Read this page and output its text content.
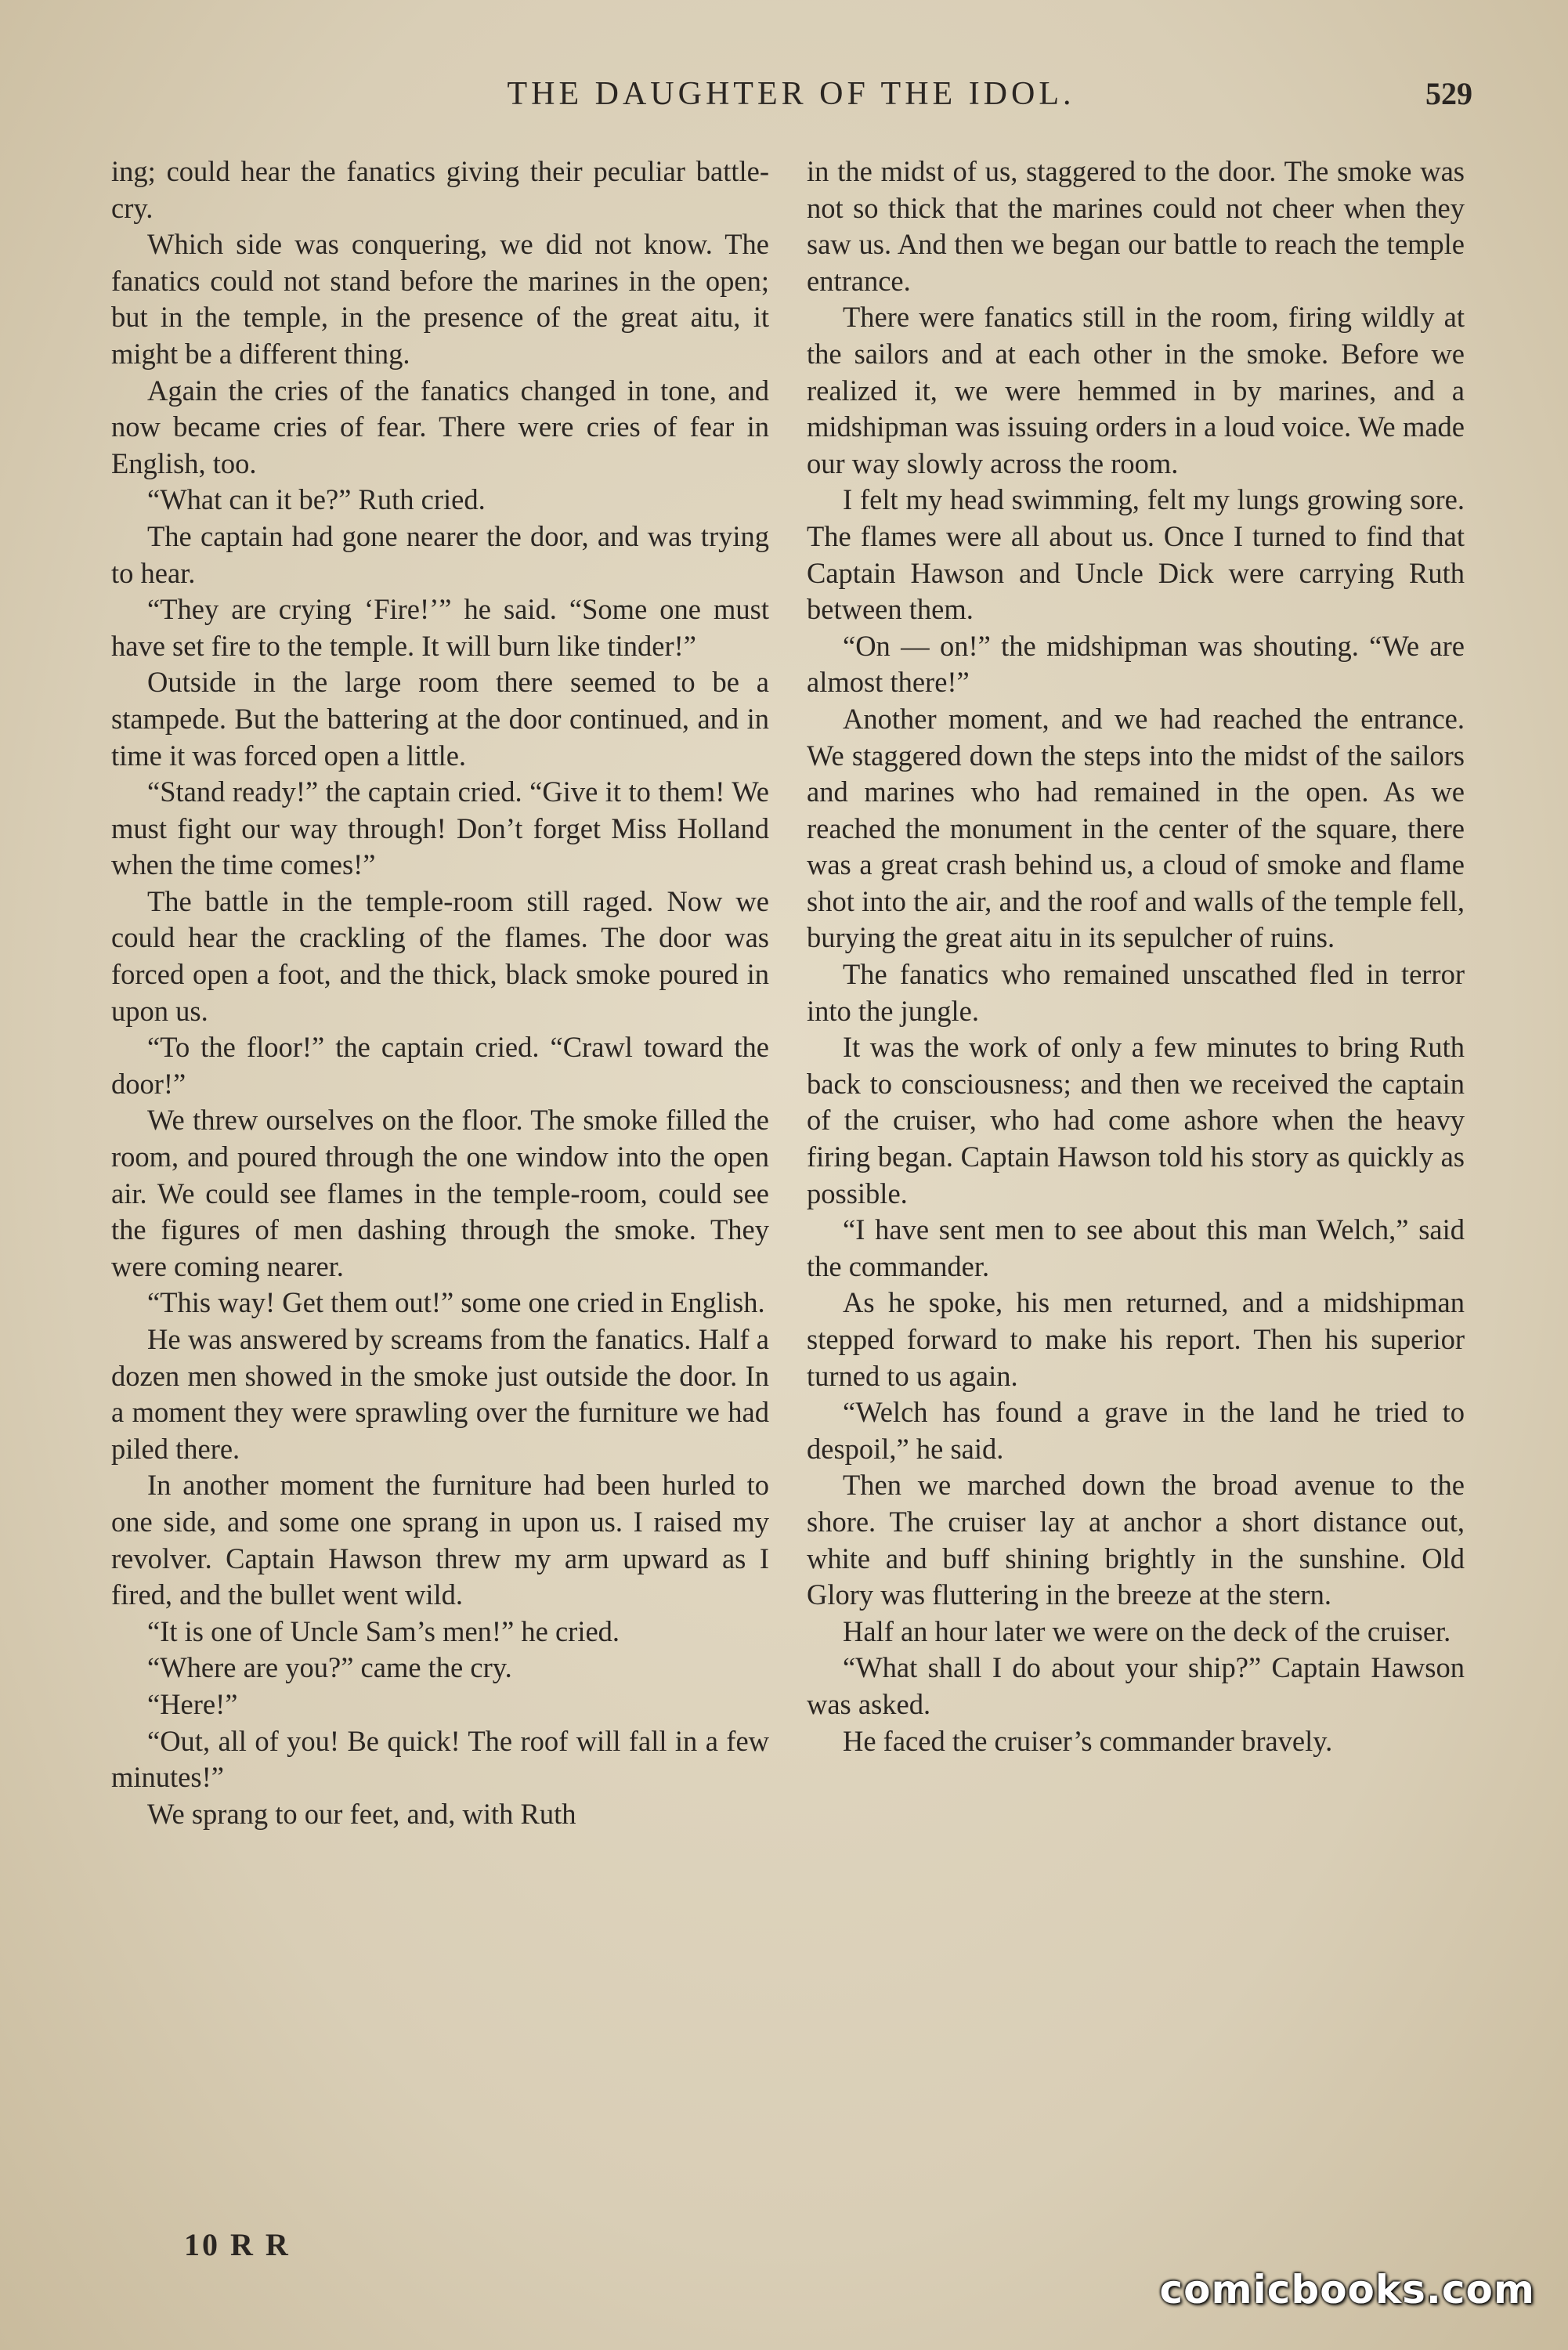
THE DAUGHTER OF THE IDOL.	529

ing; could hear the fanatics giving their peculiar battle-cry.

Which side was conquering, we did not know. The fanatics could not stand before the marines in the open; but in the temple, in the presence of the great aitu, it might be a different thing.

Again the cries of the fanatics changed in tone, and now became cries of fear. There were cries of fear in English, too.

“What can it be?” Ruth cried.

The captain had gone nearer the door, and was trying to hear.

“They are crying ‘Fire!’” he said. “Some one must have set fire to the temple. It will burn like tinder!”

Outside in the large room there seemed to be a stampede. But the battering at the door continued, and in time it was forced open a little.

“Stand ready!” the captain cried. “Give it to them! We must fight our way through! Don’t forget Miss Holland when the time comes!”

The battle in the temple-room still raged. Now we could hear the crackling of the flames. The door was forced open a foot, and the thick, black smoke poured in upon us.

“To the floor!” the captain cried. “Crawl toward the door!”

We threw ourselves on the floor. The smoke filled the room, and poured through the one window into the open air. We could see flames in the temple-room, could see the figures of men dashing through the smoke. They were coming nearer.

“This way! Get them out!” some one cried in English.

He was answered by screams from the fanatics. Half a dozen men showed in the smoke just outside the door. In a moment they were sprawling over the furniture we had piled there.

In another moment the furniture had been hurled to one side, and some one sprang in upon us. I raised my revolver. Captain Hawson threw my arm upward as I fired, and the bullet went wild.

“It is one of Uncle Sam’s men!” he cried.

“Where are you?” came the cry.

“Here!”

“Out, all of you! Be quick! The roof will fall in a few minutes!”

We sprang to our feet, and, with Ruth

in the midst of us, staggered to the door. The smoke was not so thick that the marines could not cheer when they saw us. And then we began our battle to reach the temple entrance.

There were fanatics still in the room, firing wildly at the sailors and at each other in the smoke. Before we realized it, we were hemmed in by marines, and a midshipman was issuing orders in a loud voice. We made our way slowly across the room.

I felt my head swimming, felt my lungs growing sore. The flames were all about us. Once I turned to find that Captain Hawson and Uncle Dick were carrying Ruth between them.

“On — on!” the midshipman was shouting. “We are almost there!”

Another moment, and we had reached the entrance. We staggered down the steps into the midst of the sailors and marines who had remained in the open. As we reached the monument in the center of the square, there was a great crash behind us, a cloud of smoke and flame shot into the air, and the roof and walls of the temple fell, burying the great aitu in its sepulcher of ruins.

The fanatics who remained unscathed fled in terror into the jungle.

It was the work of only a few minutes to bring Ruth back to consciousness; and then we received the captain of the cruiser, who had come ashore when the heavy firing began. Captain Hawson told his story as quickly as possible.

“I have sent men to see about this man Welch,” said the commander.

As he spoke, his men returned, and a midshipman stepped forward to make his report. Then his superior turned to us again.

“Welch has found a grave in the land he tried to despoil,” he said.

Then we marched down the broad avenue to the shore. The cruiser lay at anchor a short distance out, white and buff shining brightly in the sunshine. Old Glory was fluttering in the breeze at the stern.

Half an hour later we were on the deck of the cruiser.

“What shall I do about your ship?” Captain Hawson was asked.

He faced the cruiser’s commander bravely.

10 R R
comicbooks.com
